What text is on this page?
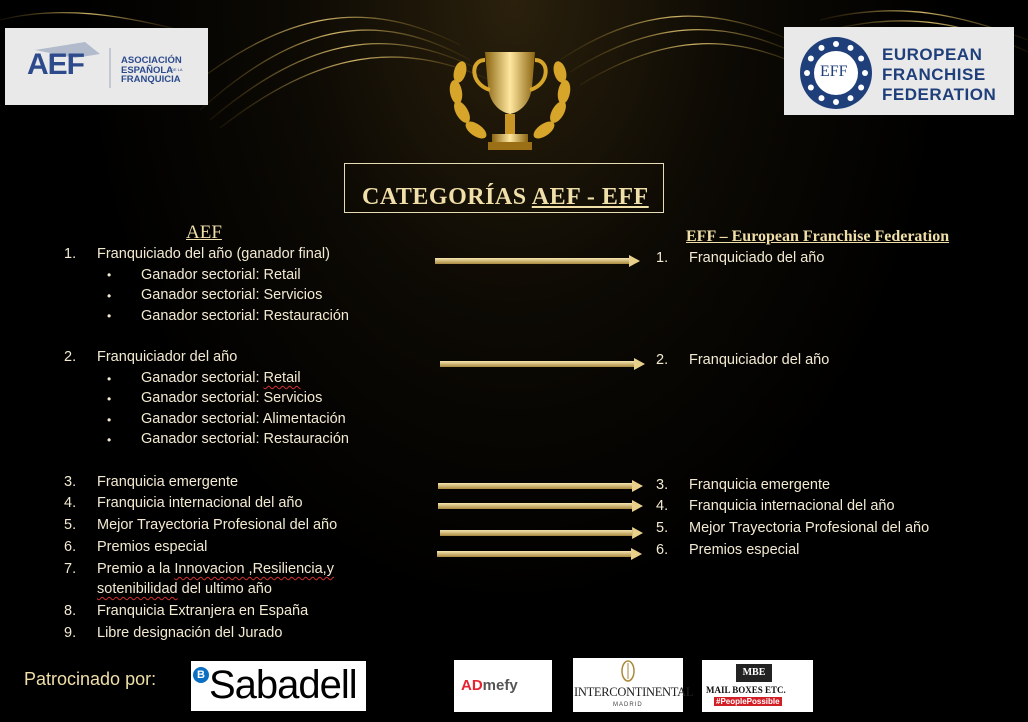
AEF	ASOCIACIÓN
ESPAÑOLA
DE LA
FRANQUICIA	EFF
EUROPEAN
FRANCHISE
FEDERATION
CATEGORÍAS AEF - EFF
AEF
1. Franquiciado del año (ganador final)
• Ganador sectorial: Retail
• Ganador sectorial: Servicios
• Ganador sectorial: Restauración
2. Franquiciador del año
• Ganador sectorial: Retail
• Ganador sectorial: Servicios
• Ganador sectorial: Alimentación
• Ganador sectorial: Restauración
3. Franquicia emergente
4. Franquicia internacional del año
5. Mejor Trayectoria Profesional del año
6. Premios especial
7. Premio a la Innovacion ,Resiliencia,y
sotenibilidad del ultimo año
8. Franquicia Extranjera en España
9. Libre designación del Jurado
EFF – European Franchise Federation
1. Franquiciado del año
2. Franquiciador del año
3. Franquicia emergente
4. Franquicia internacional del año
5. Mejor Trayectoria Profesional del año
6. Premios especial
Patrocinado por:	B Sabadell	ADmefy	INTERCONTINENTAL
MADRID
MBE
MAIL BOXES ETC.
#PeoplePossible
